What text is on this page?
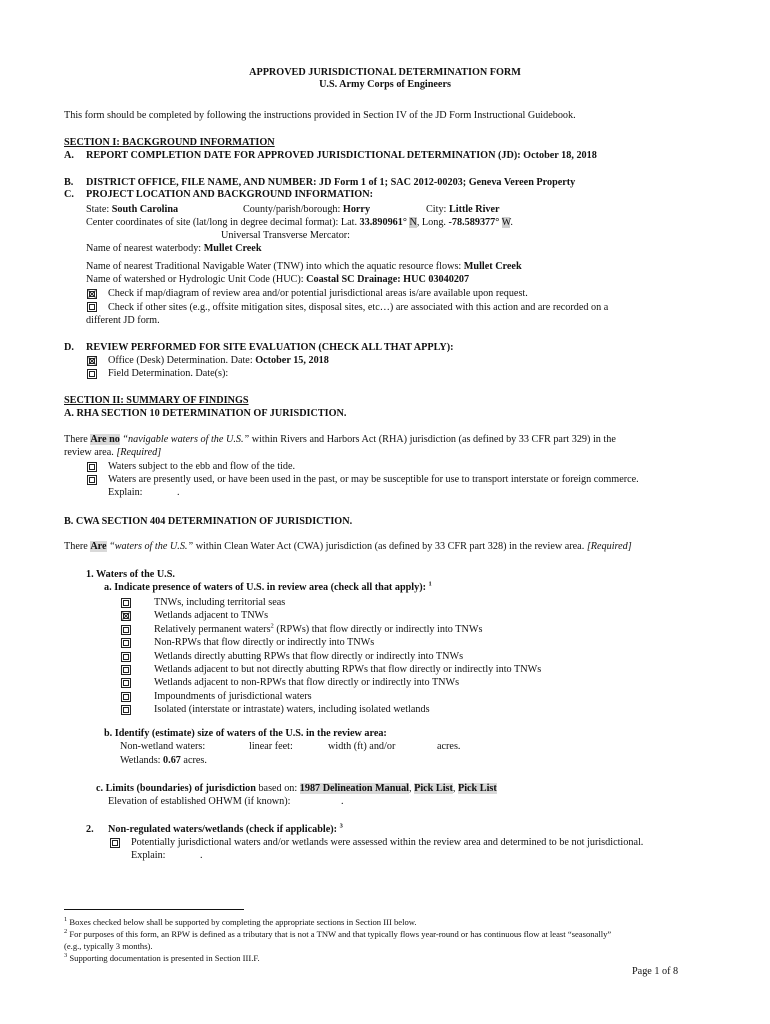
APPROVED JURISDICTIONAL DETERMINATION FORM
U.S. Army Corps of Engineers
This form should be completed by following the instructions provided in Section IV of the JD Form Instructional Guidebook.
SECTION I: BACKGROUND INFORMATION
A. REPORT COMPLETION DATE FOR APPROVED JURISDICTIONAL DETERMINATION (JD): October 18, 2018
B. DISTRICT OFFICE, FILE NAME, AND NUMBER: JD Form 1 of 1; SAC 2012-00203; Geneva Vereen Property
C. PROJECT LOCATION AND BACKGROUND INFORMATION:
State: South Carolina	County/parish/borough: Horry	City: Little River
Center coordinates of site (lat/long in degree decimal format): Lat. 33.890961° N, Long. -78.589377° W.
Universal Transverse Mercator:
Name of nearest waterbody: Mullet Creek
Name of nearest Traditional Navigable Water (TNW) into which the aquatic resource flows: Mullet Creek
Name of watershed or Hydrologic Unit Code (HUC): Coastal SC Drainage: HUC 03040207
Check if map/diagram of review area and/or potential jurisdictional areas is/are available upon request.
Check if other sites (e.g., offsite mitigation sites, disposal sites, etc…) are associated with this action and are recorded on a
different JD form.
D. REVIEW PERFORMED FOR SITE EVALUATION (CHECK ALL THAT APPLY):
Office (Desk) Determination. Date: October 15, 2018
Field Determination. Date(s):
SECTION II: SUMMARY OF FINDINGS
A. RHA SECTION 10 DETERMINATION OF JURISDICTION.
There Are no “navigable waters of the U.S.” within Rivers and Harbors Act (RHA) jurisdiction (as defined by 33 CFR part 329) in the
review area. [Required]
Waters subject to the ebb and flow of the tide.
Waters are presently used, or have been used in the past, or may be susceptible for use to transport interstate or foreign commerce.
Explain:	.
B. CWA SECTION 404 DETERMINATION OF JURISDICTION.
There Are “waters of the U.S.” within Clean Water Act (CWA) jurisdiction (as defined by 33 CFR part 328) in the review area. [Required]
1. Waters of the U.S.
a. Indicate presence of waters of U.S. in review area (check all that apply): $^1$
TNWs, including territorial seas
Wetlands adjacent to TNWs
Relatively permanent waters$^2$ (RPWs) that flow directly or indirectly into TNWs
Non-RPWs that flow directly or indirectly into TNWs
Wetlands directly abutting RPWs that flow directly or indirectly into TNWs
Wetlands adjacent to but not directly abutting RPWs that flow directly or indirectly into TNWs
Wetlands adjacent to non-RPWs that flow directly or indirectly into TNWs
Impoundments of jurisdictional waters
Isolated (interstate or intrastate) waters, including isolated wetlands
b. Identify (estimate) size of waters of the U.S. in the review area:
Non-wetland waters:	linear feet:	width (ft) and/or	acres.
Wetlands: 0.67 acres.
c. Limits (boundaries) of jurisdiction based on: 1987 Delineation Manual, Pick List, Pick List
Elevation of established OHWM (if known):	.
2. Non-regulated waters/wetlands (check if applicable): $^3$
Potentially jurisdictional waters and/or wetlands were assessed within the review area and determined to be not jurisdictional.
Explain:	.
$^1$ Boxes checked below shall be supported by completing the appropriate sections in Section III below.
$^2$ For purposes of this form, an RPW is defined as a tributary that is not a TNW and that typically flows year-round or has continuous flow at least “seasonally”
(e.g., typically 3 months).
$^3$ Supporting documentation is presented in Section III.F.
Page 1 of 8
